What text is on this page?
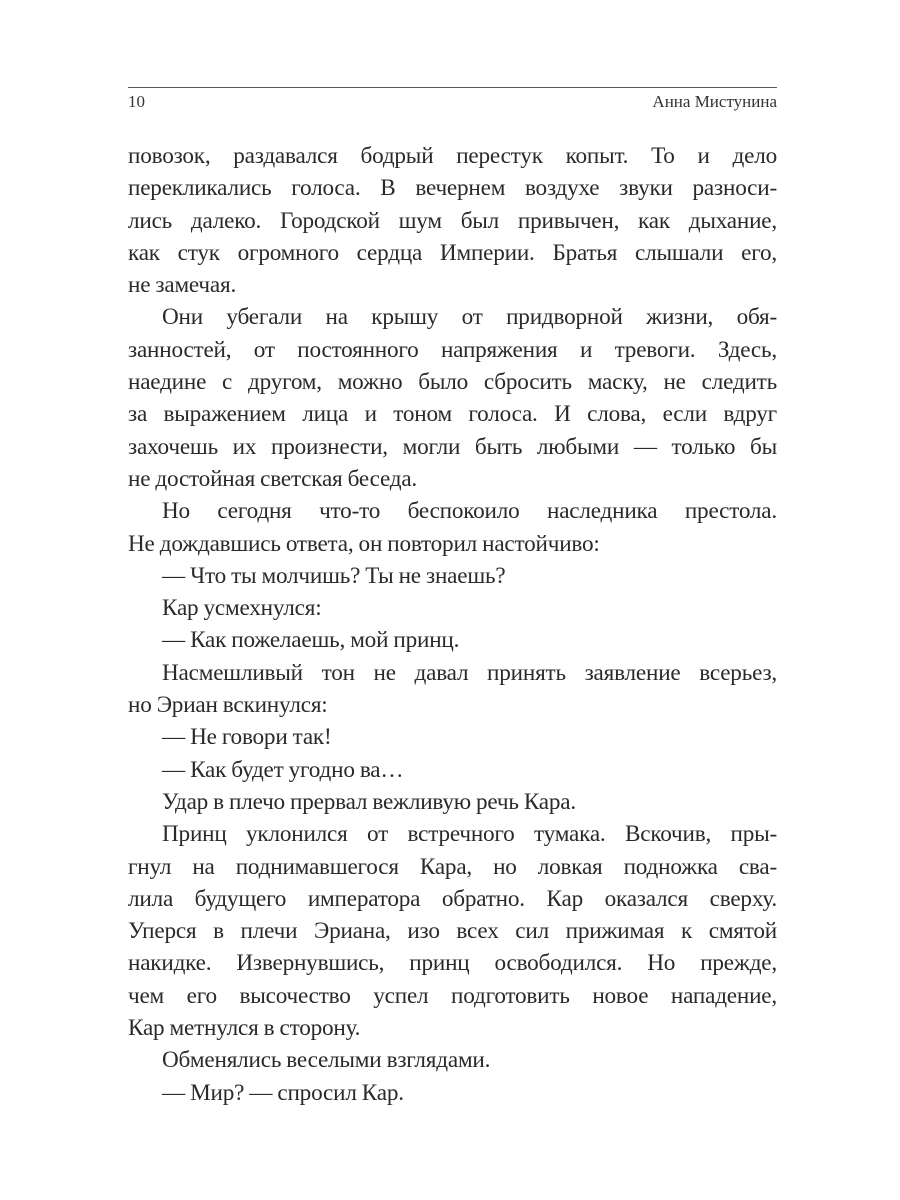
10	Анна Мистунина

повозок, раздавался бодрый перестук копыт. То и дело
перекликались голоса. В вечернем воздухе звуки разноси-
лись далеко. Городской шум был привычен, как дыхание,
как стук огромного сердца Империи. Братья слышали его,
не замечая.

Они убегали на крышу от придворной жизни, обя-
занностей, от постоянного напряжения и тревоги. Здесь,
наедине с другом, можно было сбросить маску, не следить
за выражением лица и тоном голоса. И слова, если вдруг
захочешь их произнести, могли быть любыми — только бы
не достойная светская беседа.

Но сегодня что-то беспокоило наследника престола.
Не дождавшись ответа, он повторил настойчиво:

— Что ты молчишь? Ты не знаешь?

Кар усмехнулся:

— Как пожелаешь, мой принц.

Насмешливый тон не давал принять заявление всерьез,
но Эриан вскинулся:

— Не говори так!

— Как будет угодно ва…

Удар в плечо прервал вежливую речь Кара.

Принц уклонился от встречного тумака. Вскочив, пры-
гнул на поднимавшегося Кара, но ловкая подножка сва-
лила будущего императора обратно. Кар оказался сверху.
Уперся в плечи Эриана, изо всех сил прижимая к смятой
накидке. Извернувшись, принц освободился. Но прежде,
чем его высочество успел подготовить новое нападение,
Кар метнулся в сторону.

Обменялись веселыми взглядами.

— Мир? — спросил Кар.
